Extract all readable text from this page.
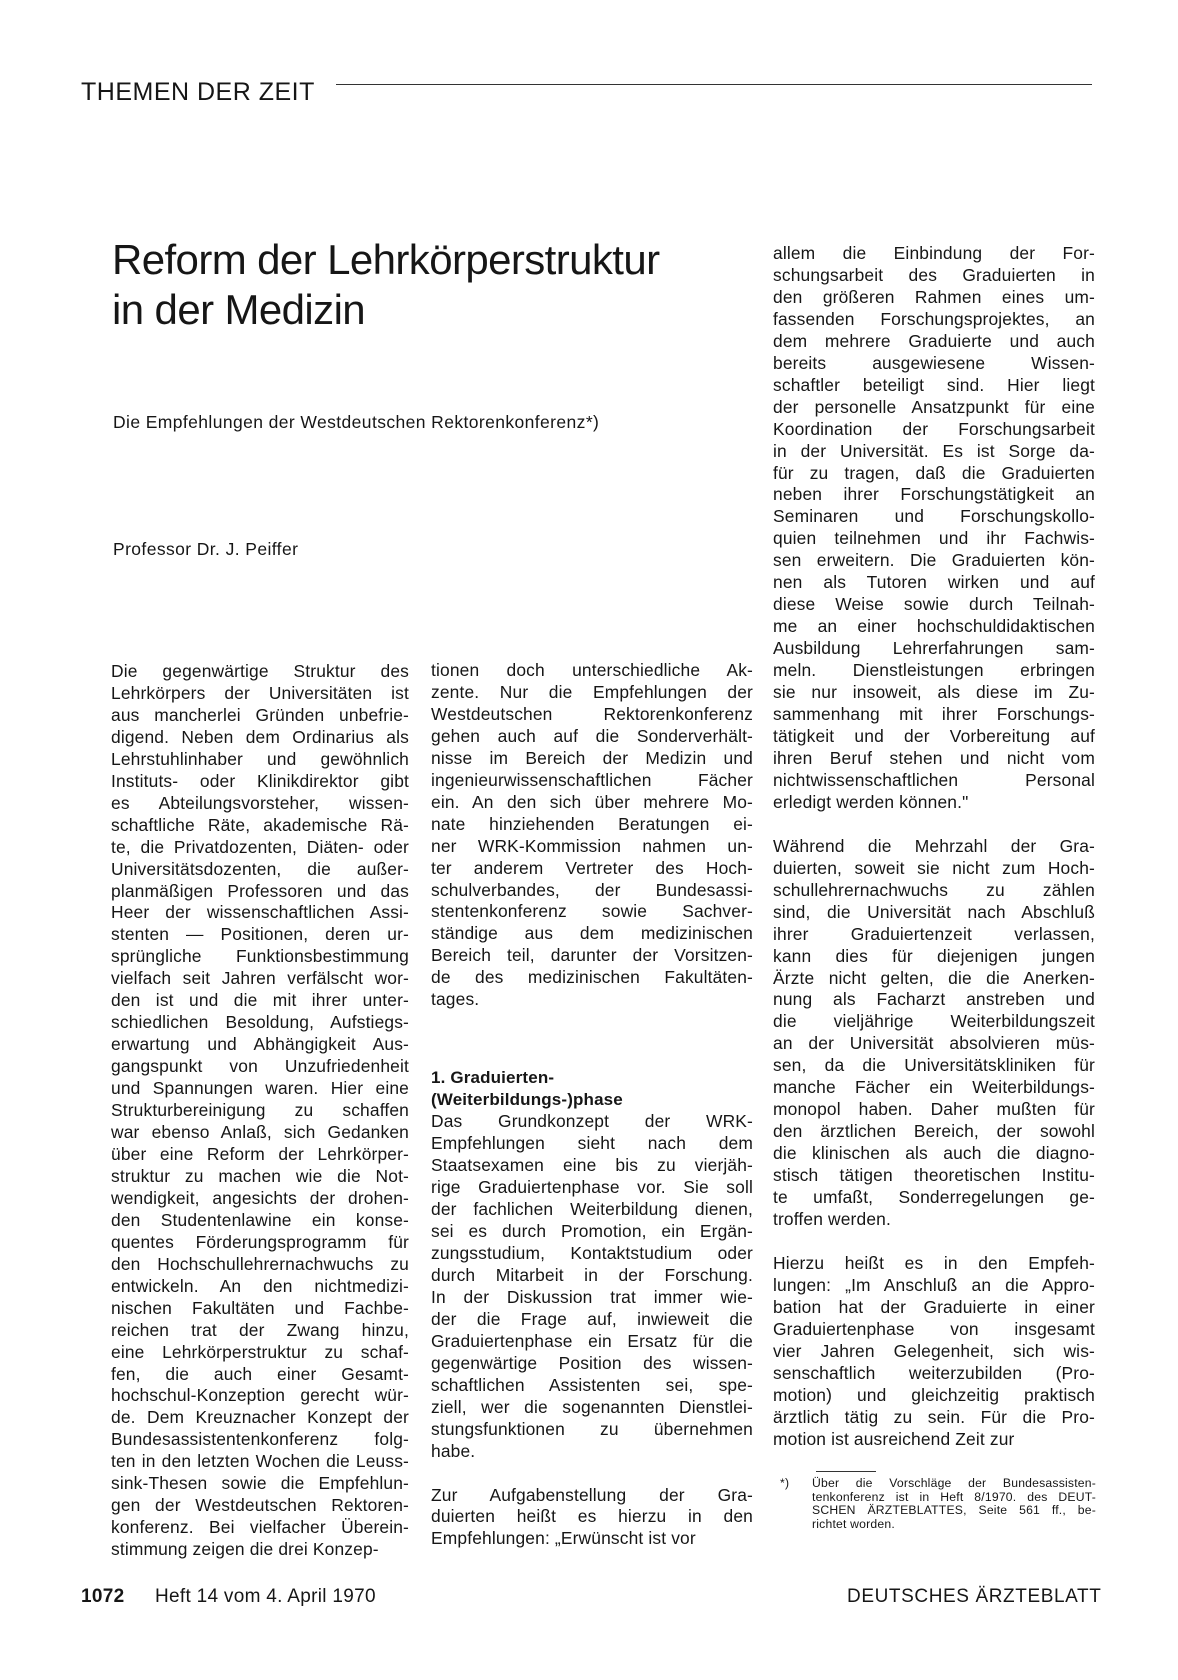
THEMEN DER ZEIT
Reform der Lehrkörperstruktur
in der Medizin
Die Empfehlungen der Westdeutschen Rektorenkonferenz*)
Professor Dr. J. Peiffer
Die gegenwärtige Struktur des
Lehrkörpers der Universitäten ist
aus mancherlei Gründen unbefrie-
digend. Neben dem Ordinarius als
Lehrstuhlinhaber und gewöhnlich
Instituts- oder Klinikdirektor gibt
es Abteilungsvorsteher, wissen-
schaftliche Räte, akademische Rä-
te, die Privatdozenten, Diäten- oder
Universitätsdozenten, die außer-
planmäßigen Professoren und das
Heer der wissenschaftlichen Assi-
stenten — Positionen, deren ur-
sprüngliche Funktionsbestimmung
vielfach seit Jahren verfälscht wor-
den ist und die mit ihrer unter-
schiedlichen Besoldung, Aufstiegs-
erwartung und Abhängigkeit Aus-
gangspunkt von Unzufriedenheit
und Spannungen waren. Hier eine
Strukturbereinigung zu schaffen
war ebenso Anlaß, sich Gedanken
über eine Reform der Lehrkörper-
struktur zu machen wie die Not-
wendigkeit, angesichts der drohen-
den Studentenlawine ein konse-
quentes Förderungsprogramm für
den Hochschullehrernachwuchs zu
entwickeln. An den nichtmedizi-
nischen Fakultäten und Fachbe-
reichen trat der Zwang hinzu,
eine Lehrkörperstruktur zu schaf-
fen, die auch einer Gesamt-
hochschul-Konzeption gerecht wür-
de. Dem Kreuznacher Konzept der
Bundesassistentenkonferenz folg-
ten in den letzten Wochen die Leuss-
sink-Thesen sowie die Empfehlun-
gen der Westdeutschen Rektoren-
konferenz. Bei vielfacher Überein-
stimmung zeigen die drei Konzep-
tionen doch unterschiedliche Ak-
zente. Nur die Empfehlungen der
Westdeutschen Rektorenkonferenz
gehen auch auf die Sonderverhält-
nisse im Bereich der Medizin und
ingenieurwissenschaftlichen Fächer
ein. An den sich über mehrere Mo-
nate hinziehenden Beratungen ei-
ner WRK-Kommission nahmen un-
ter anderem Vertreter des Hoch-
schulverbandes, der Bundesassi-
stentenkonferenz sowie Sachver-
ständige aus dem medizinischen
Bereich teil, darunter der Vorsitzen-
de des medizinischen Fakultäten-
tages.
1. Graduierten-
(Weiterbildungs-)phase
Das Grundkonzept der WRK-
Empfehlungen sieht nach dem
Staatsexamen eine bis zu vierjäh-
rige Graduiertenphase vor. Sie soll
der fachlichen Weiterbildung dienen,
sei es durch Promotion, ein Ergän-
zungsstudium, Kontaktstudium oder
durch Mitarbeit in der Forschung.
In der Diskussion trat immer wie-
der die Frage auf, inwieweit die
Graduiertenphase ein Ersatz für die
gegenwärtige Position des wissen-
schaftlichen Assistenten sei, spe-
ziell, wer die sogenannten Dienstlei-
stungsfunktionen zu übernehmen
habe.
Zur Aufgabenstellung der Gra-
duierten heißt es hierzu in den
Empfehlungen: „Erwünscht ist vor
allem die Einbindung der For-
schungsarbeit des Graduierten in
den größeren Rahmen eines um-
fassenden Forschungsprojektes, an
dem mehrere Graduierte und auch
bereits ausgewiesene Wissen-
schaftler beteiligt sind. Hier liegt
der personelle Ansatzpunkt für eine
Koordination der Forschungsarbeit
in der Universität. Es ist Sorge da-
für zu tragen, daß die Graduierten
neben ihrer Forschungstätigkeit an
Seminaren und Forschungskollo-
quien teilnehmen und ihr Fachwis-
sen erweitern. Die Graduierten kön-
nen als Tutoren wirken und auf
diese Weise sowie durch Teilnah-
me an einer hochschuldidaktischen
Ausbildung Lehrerfahrungen sam-
meln. Dienstleistungen erbringen
sie nur insoweit, als diese im Zu-
sammenhang mit ihrer Forschungs-
tätigkeit und der Vorbereitung auf
ihren Beruf stehen und nicht vom
nichtwissenschaftlichen Personal
erledigt werden können."
Während die Mehrzahl der Gra-
duierten, soweit sie nicht zum Hoch-
schullehrernachwuchs zu zählen
sind, die Universität nach Abschluß
ihrer Graduiertenzeit verlassen,
kann dies für diejenigen jungen
Ärzte nicht gelten, die die Anerken-
nung als Facharzt anstreben und
die vieljährige Weiterbildungszeit
an der Universität absolvieren müs-
sen, da die Universitätskliniken für
manche Fächer ein Weiterbildungs-
monopol haben. Daher mußten für
den ärztlichen Bereich, der sowohl
die klinischen als auch die diagno-
stisch tätigen theoretischen Institu-
te umfaßt, Sonderregelungen ge-
troffen werden.
Hierzu heißt es in den Empfeh-
lungen: „Im Anschluß an die Appro-
bation hat der Graduierte in einer
Graduiertenphase von insgesamt
vier Jahren Gelegenheit, sich wis-
senschaftlich weiterzubilden (Pro-
motion) und gleichzeitig praktisch
ärztlich tätig zu sein. Für die Pro-
motion ist ausreichend Zeit zur
*) Über die Vorschläge der Bundesassisten-
tenkonferenz ist in Heft 8/1970. des DEUT-
SCHEN ÄRZTEBLATTES, Seite 561 ff., be-
richtet worden.
1072 Heft 14 vom 4. April 1970	DEUTSCHES ÄRZTEBLATT
